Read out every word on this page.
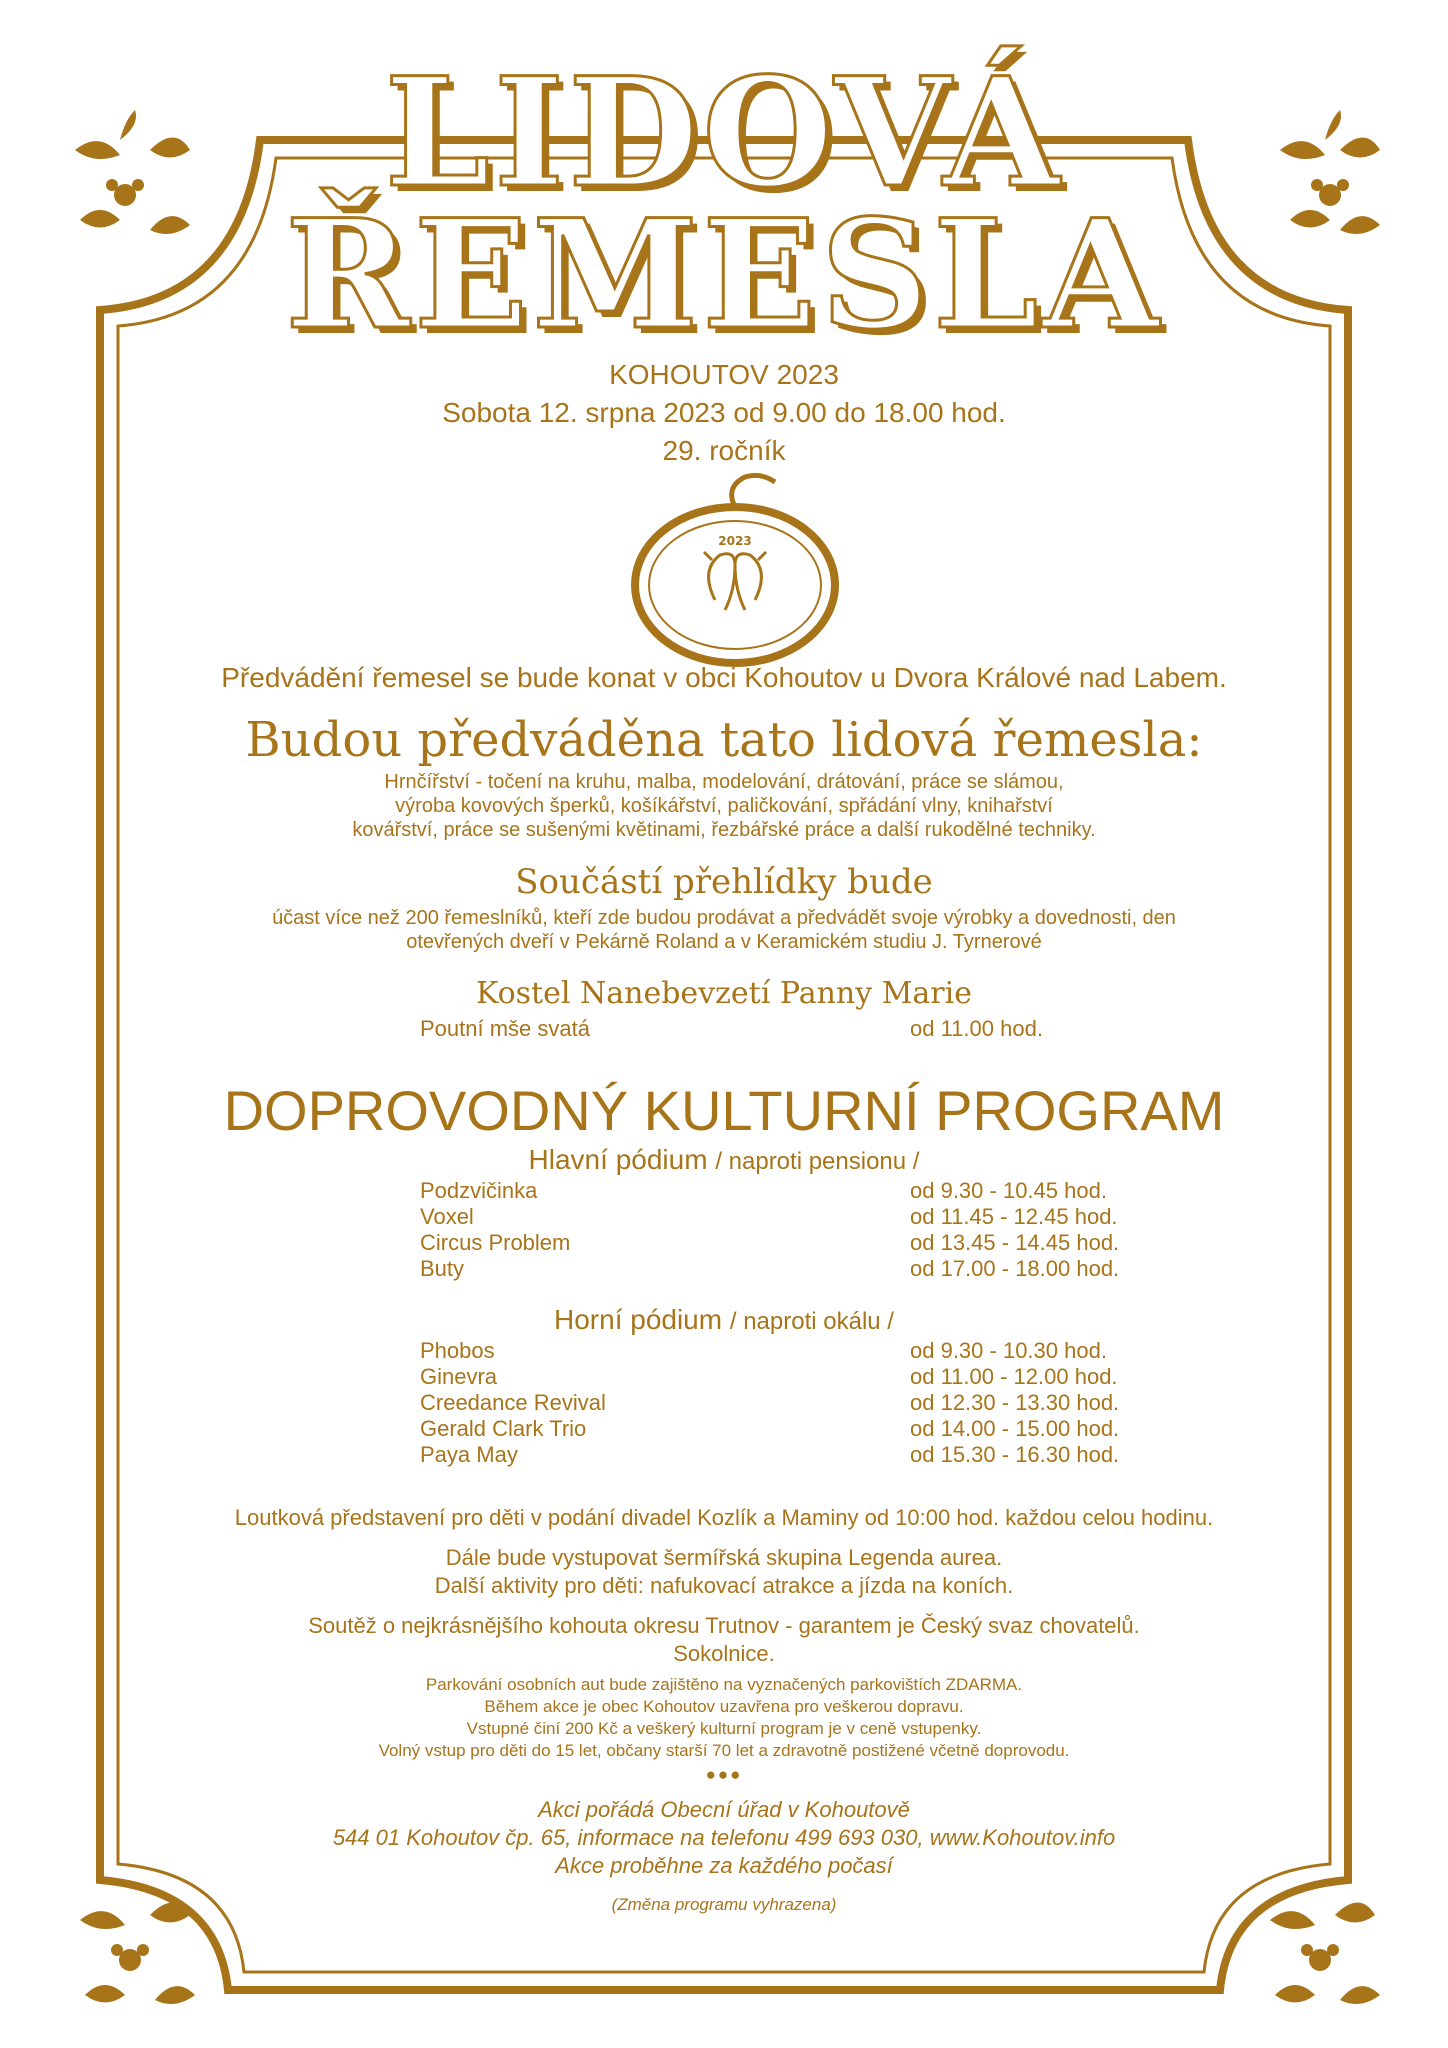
2023
LIDOVÁ
ŘEMESLA
KOHOUTOV 2023
Sobota 12. srpna 2023 od 9.00 do 18.00 hod.
29. ročník
Předvádění řemesel se bude konat v obci Kohoutov u Dvora Králové nad Labem.
Budou předváděna tato lidová řemesla:
Hrnčířství - točení na kruhu, malba, modelování, drátování, práce se slámou,
výroba kovových šperků, košíkářství, paličkování, spřádání vlny, knihařství
kovářství, práce se sušenými květinami, řezbářské práce a další rukodělné techniky.
Součástí přehlídky bude
účast více než 200 řemeslníků, kteří zde budou prodávat a předvádět svoje výrobky a dovednosti, den
otevřených dveří v Pekárně Roland a v Keramickém studiu J. Tyrnerové
Kostel Nanebevzetí Panny Marie
Poutní mše svatá	od 11.00 hod.
DOPROVODNÝ KULTURNÍ PROGRAM
Hlavní pódium / naproti pensionu /
Podzvičinka	od 9.30 - 10.45 hod.
Voxel	od 11.45 - 12.45 hod.
Circus Problem	od 13.45 - 14.45 hod.
Buty	od 17.00 - 18.00 hod.
Horní pódium / naproti okálu /
Phobos	od 9.30 - 10.30 hod.
Ginevra	od 11.00 - 12.00 hod.
Creedance Revival	od 12.30 - 13.30 hod.
Gerald Clark Trio	od 14.00 - 15.00 hod.
Paya May	od 15.30 - 16.30 hod.
Loutková představení pro děti v podání divadel Kozlík a Maminy od 10:00 hod. každou celou hodinu.
Dále bude vystupovat šermířská skupina Legenda aurea.
Další aktivity pro děti: nafukovací atrakce a jízda na koních.
Soutěž o nejkrásnějšího kohouta okresu Trutnov - garantem je Český svaz chovatelů.
Sokolnice.
Parkování osobních aut bude zajištěno na vyznačených parkovištích ZDARMA.
Během akce je obec Kohoutov uzavřena pro veškerou dopravu.
Vstupné činí 200 Kč a veškerý kulturní program je v ceně vstupenky.
Volný vstup pro děti do 15 let, občany starší 70 let a zdravotně postižené včetně doprovodu.
●●●
Akci pořádá Obecní úřad v Kohoutově
544 01 Kohoutov čp. 65, informace na telefonu 499 693 030, www.Kohoutov.info
Akce proběhne za každého počasí
(Změna programu vyhrazena)
